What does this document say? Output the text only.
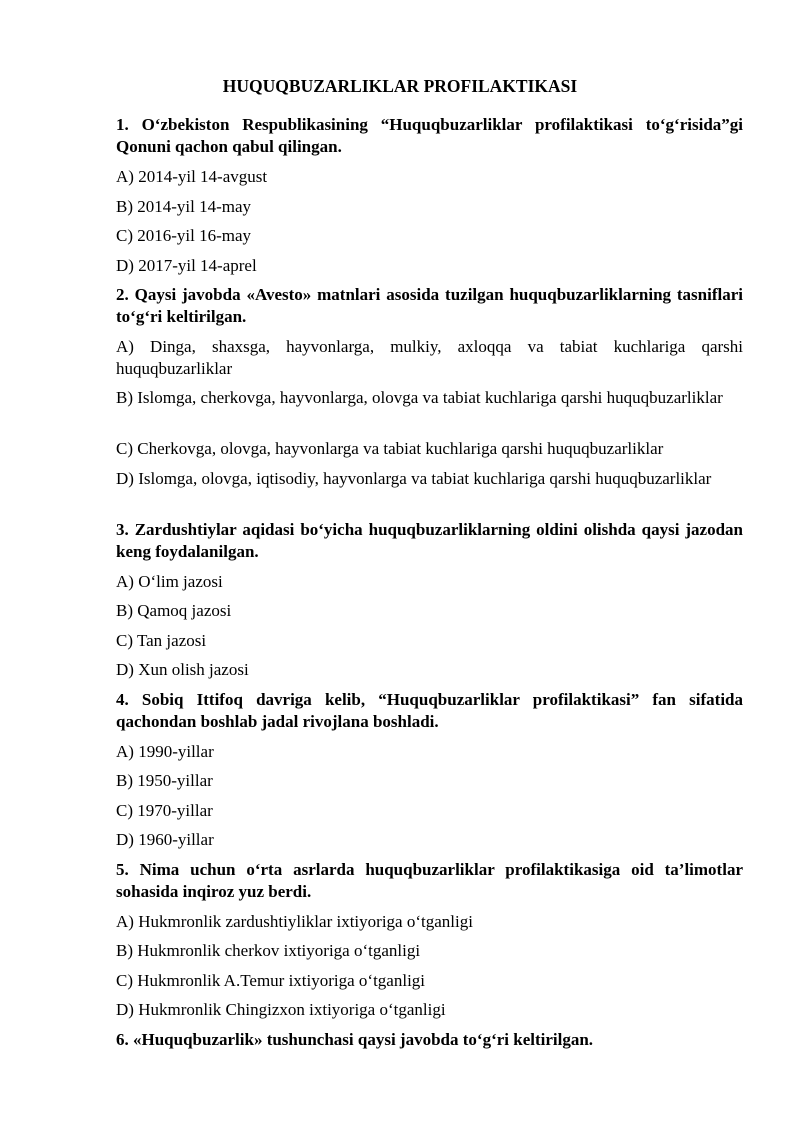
HUQUQBUZARLIKLAR PROFILAKTIKASI
1. O‘zbekiston Respublikasining “Huquqbuzarliklar profilaktikasi to‘g‘risida”gi Qonuni qachon qabul qilingan.
A) 2014-yil 14-avgust
B) 2014-yil 14-may
C) 2016-yil 16-may
D) 2017-yil 14-aprel
2. Qaysi javobda «Avesto» matnlari asosida tuzilgan huquqbuzarliklarning tasniflari to‘g‘ri keltirilgan.
A) Dinga, shaxsga, hayvonlarga, mulkiy, axloqqa va tabiat kuchlariga qarshi huquqbuzarliklar
B) Islomga, cherkovga, hayvonlarga, olovga va tabiat kuchlariga qarshi huquqbuzarliklar
C) Cherkovga, olovga, hayvonlarga va tabiat kuchlariga qarshi huquqbuzarliklar
D) Islomga, olovga, iqtisodiy, hayvonlarga va tabiat kuchlariga qarshi huquqbuzarliklar
3. Zardushtiylar aqidasi bo‘yicha huquqbuzarliklarning oldini olishda qaysi jazodan keng foydalanilgan.
A) O‘lim jazosi
B) Qamoq jazosi
C) Tan jazosi
D) Xun olish jazosi
4. Sobiq Ittifoq davriga kelib, “Huquqbuzarliklar profilaktikasi” fan sifatida qachondan boshlab jadal rivojlana boshladi.
A) 1990-yillar
B) 1950-yillar
C) 1970-yillar
D) 1960-yillar
5. Nima uchun o‘rta asrlarda huquqbuzarliklar profilaktikasiga oid ta’limotlar sohasida inqiroz yuz berdi.
A) Hukmronlik zardushtiyliklar ixtiyoriga o‘tganligi
B) Hukmronlik cherkov ixtiyoriga o‘tganligi
C) Hukmronlik A.Temur ixtiyoriga o‘tganligi
D) Hukmronlik Chingizxon ixtiyoriga o‘tganligi
6. «Huquqbuzarlik» tushunchasi qaysi javobda to‘g‘ri keltirilgan.
